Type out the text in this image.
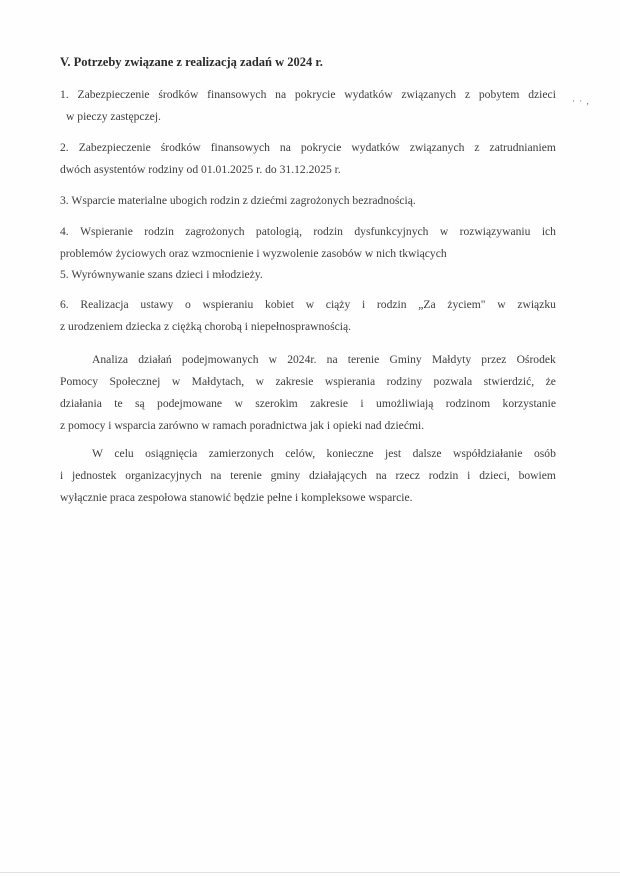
V. Potrzeby związane z realizacją zadań w 2024 r.
· · ,
1. Zabezpieczenie środków finansowych na pokrycie wydatków związanych z pobytem dzieci
w pieczy zastępczej.
2. Zabezpieczenie środków finansowych na pokrycie wydatków związanych z zatrudnianiem
dwóch asystentów rodziny od 01.01.2025 r. do 31.12.2025 r.
3. Wsparcie materialne ubogich rodzin z dziećmi zagrożonych bezradnością.
4. Wspieranie rodzin zagrożonych patologią, rodzin dysfunkcyjnych w rozwiązywaniu ich
problemów życiowych oraz wzmocnienie i wyzwolenie zasobów w nich tkwiących
5. Wyrównywanie szans dzieci i młodzieży.
6. Realizacja ustawy o wspieraniu kobiet w ciąży i rodzin „Za życiem" w związku
z urodzeniem dziecka z ciężką chorobą i niepełnosprawnością.
Analiza działań podejmowanych w 2024r. na terenie Gminy Małdyty przez Ośrodek
Pomocy Społecznej w Małdytach, w zakresie wspierania rodziny pozwala stwierdzić, że
działania te są podejmowane w szerokim zakresie i umożliwiają rodzinom korzystanie
z pomocy i wsparcia zarówno w ramach poradnictwa jak i opieki nad dziećmi.
W celu osiągnięcia zamierzonych celów, konieczne jest dalsze współdziałanie osób
i jednostek organizacyjnych na terenie gminy działających na rzecz rodzin i dzieci, bowiem
wyłącznie praca zespołowa stanowić będzie pełne i kompleksowe wsparcie.
